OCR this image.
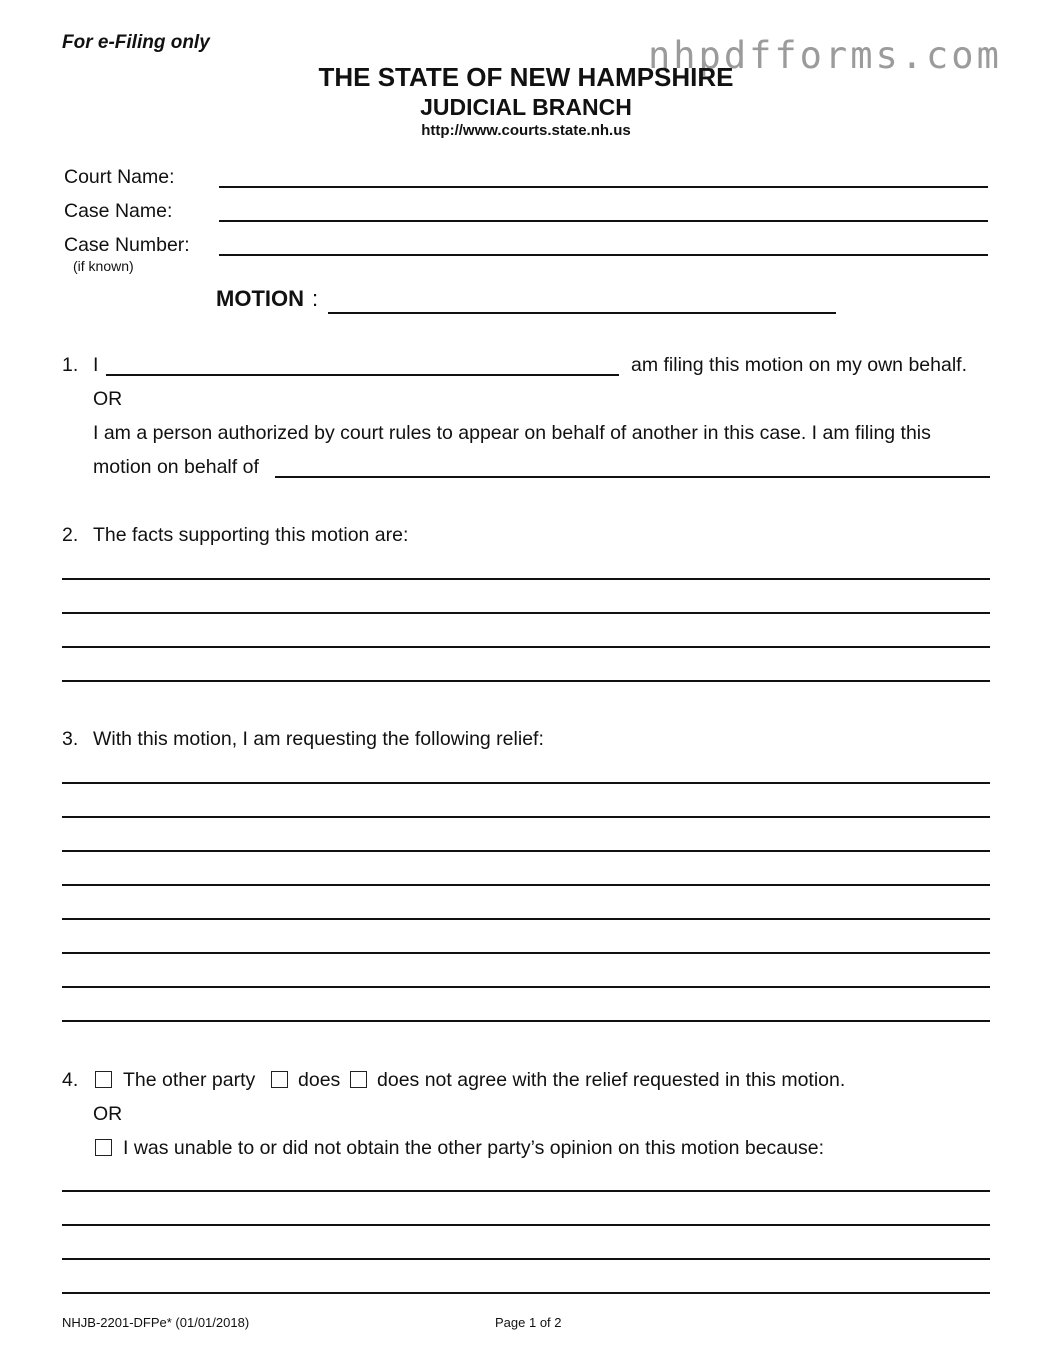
For e-Filing only	nhpdfforms.com
THE STATE OF NEW HAMPSHIRE
JUDICIAL BRANCH
http://www.courts.state.nh.us
Court Name:
Case Name:
Case Number:
(if known)
MOTION :
1. I	am filing this motion on my own behalf.
OR
I am a person authorized by court rules to appear on behalf of another in this case. I am filing this
motion on behalf of
2. The facts supporting this motion are:
3. With this motion, I am requesting the following relief:
4. The other party does does not agree with the relief requested in this motion.
OR
I was unable to or did not obtain the other party’s opinion on this motion because:
NHJB-2201-DFPe* (01/01/2018)	Page 1 of 2
